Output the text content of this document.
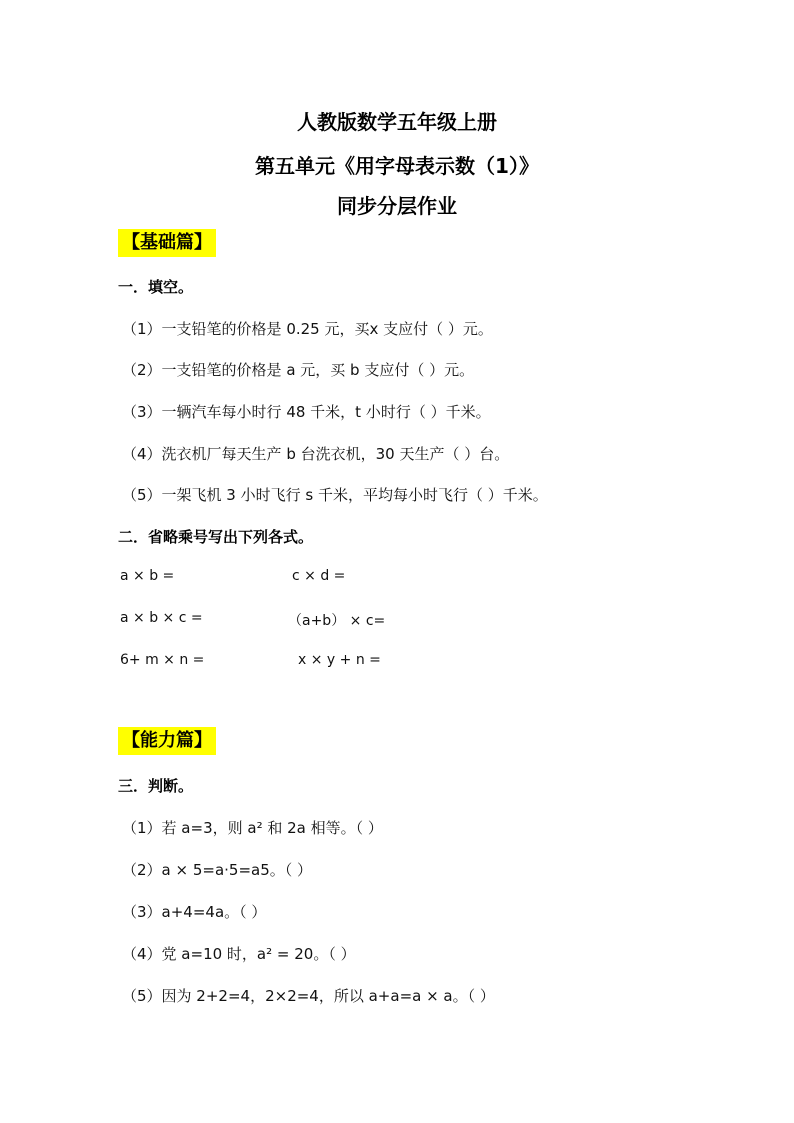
人教版数学五年级上册
第五单元《用字母表示数（1）》
同步分层作业
【基础篇】
一．填空。
（1）一支铅笔的价格是 0.25 元，买x 支应付（ ）元。
（2）一支铅笔的价格是 a 元，买 b 支应付（ ）元。
（3）一辆汽车每小时行 48 千米，t 小时行（ ）千米。
（4）洗衣机厂每天生产 b 台洗衣机，30 天生产（ ）台。
（5）一架飞机 3 小时飞行 s 千米，平均每小时飞行（ ）千米。
二．省略乘号写出下列各式。
a × b =	c × d =
a × b × c =	（a+b） × c=
6+ m × n =	x × y + n =
【能力篇】
三．判断。
（1）若 a=3，则 a² 和 2a 相等。（ ）
（2）a × 5=a·5=a5。（ ）
（3）a+4=4a。（ ）
（4）党 a=10 时，a² = 20。（ ）
（5）因为 2+2=4，2×2=4，所以 a+a=a × a。（ ）
